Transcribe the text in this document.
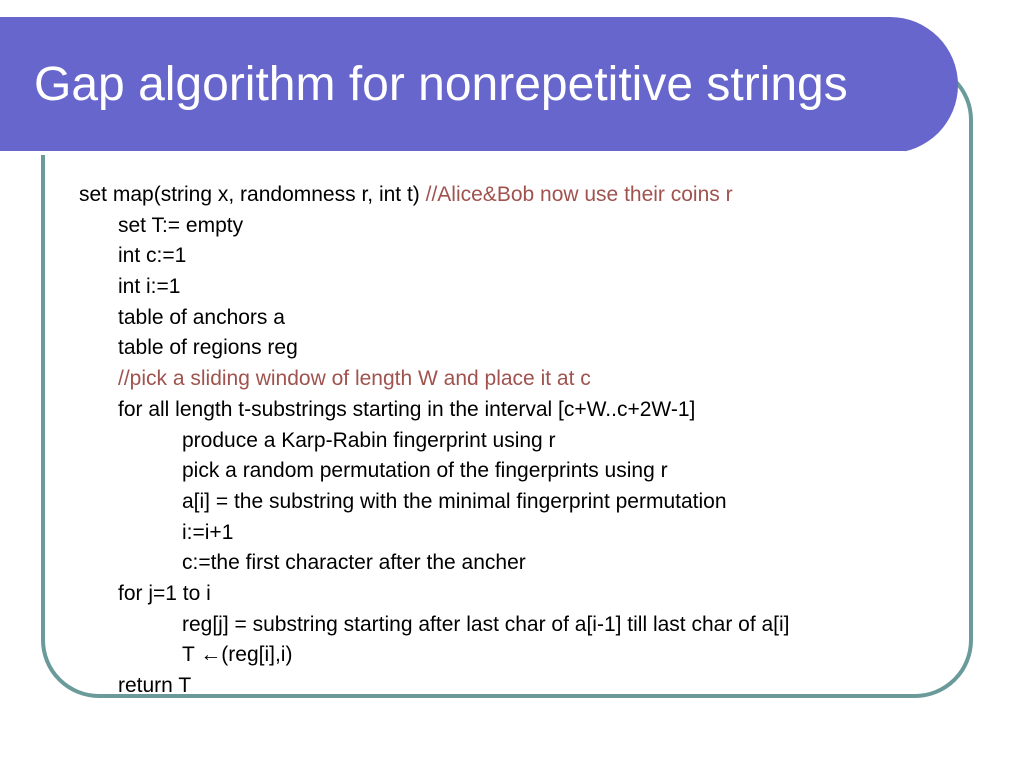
Gap algorithm for nonrepetitive strings
set map(string x, randomness r, int t) //Alice&Bob now use their coins r
set T:= empty
int c:=1
int i:=1
table of anchors a
table of regions reg
//pick a sliding window of length W and place it at c
for all length t-substrings starting in the interval [c+W..c+2W-1]
produce a Karp-Rabin fingerprint using r
pick a random permutation of the fingerprints using r
a[i] = the substring with the minimal fingerprint permutation
i:=i+1
c:=the first character after the ancher
for j=1 to i
reg[j] = substring starting after last char of a[i-1] till last char of a[i]
T ←(reg[i],i)
return T
